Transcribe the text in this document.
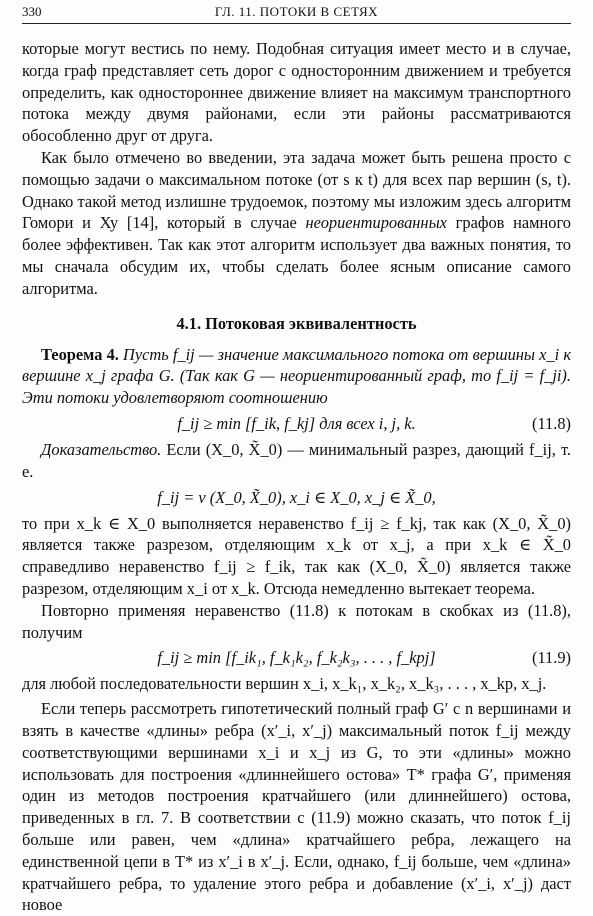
330	ГЛ. 11. ПОТОКИ В СЕТЯХ

которые могут вестись по нему. Подобная ситуация имеет место и в случае, когда граф представляет сеть дорог с односторонним движением и требуется определить, как одностороннее движение влияет на максимум транспортного потока между двумя районами, если эти районы рассматриваются обособленно друг от друга.

Как было отмечено во введении, эта задача может быть решена просто с помощью задачи о максимальном потоке (от s к t) для всех пар вершин (s, t). Однако такой метод излишне трудоемок, поэтому мы изложим здесь алгоритм Гомори и Ху [14], который в случае неориентированных графов намного более эффективен. Так как этот алгоритм использует два важных понятия, то мы сначала обсудим их, чтобы сделать более ясным описание самого алгоритма.

4.1. Потоковая эквивалентность

Теорема 4. Пусть f_ij — значение максимального потока от вершины x_i к вершине x_j графа G. (Так как G — неориентированный граф, то f_ij = f_ji). Эти потоки удовлетворяют соотношению

f_ij ≥ min [f_ik, f_kj] для всех i, j, k.	(11.8)

Доказательство. Если (X_0, X̃_0) — минимальный разрез, дающий f_ij, т. е.

f_ij = v (X_0, X̃_0), x_i ∈ X_0, x_j ∈ X̃_0,

то при x_k ∈ X_0 выполняется неравенство f_ij ≥ f_kj, так как (X_0, X̃_0) является также разрезом, отделяющим x_k от x_j, а при x_k ∈ X̃_0 справедливо неравенство f_ij ≥ f_ik, так как (X_0, X̃_0) является также разрезом, отделяющим x_i от x_k. Отсюда немедленно вытекает теорема.

Повторно применяя неравенство (11.8) к потокам в скобках из (11.8), получим

f_ij ≥ min [f_ik₁, f_k₁k₂, f_k₂k₃, . . . , f_kpj]	(11.9)

для любой последовательности вершин x_i, x_k₁, x_k₂, x_k₃, . . . , x_kp, x_j.

Если теперь рассмотреть гипотетический полный граф G′ с n вершинами и взять в качестве «длины» ребра (x′_i, x′_j) максимальный поток f_ij между соответствующими вершинами x_i и x_j из G, то эти «длины» можно использовать для построения «длиннейшего остова» T* графа G′, применяя один из методов построения кратчайшего (или длиннейшего) остова, приведенных в гл. 7. В соответствии с (11.9) можно сказать, что поток f_ij больше или равен, чем «длина» кратчайшего ребра, лежащего на единственной цепи в T* из x′_i в x′_j. Если, однако, f_ij больше, чем «длина» кратчайшего ребра, то удаление этого ребра и добавление (x′_i, x′_j) даст новое
